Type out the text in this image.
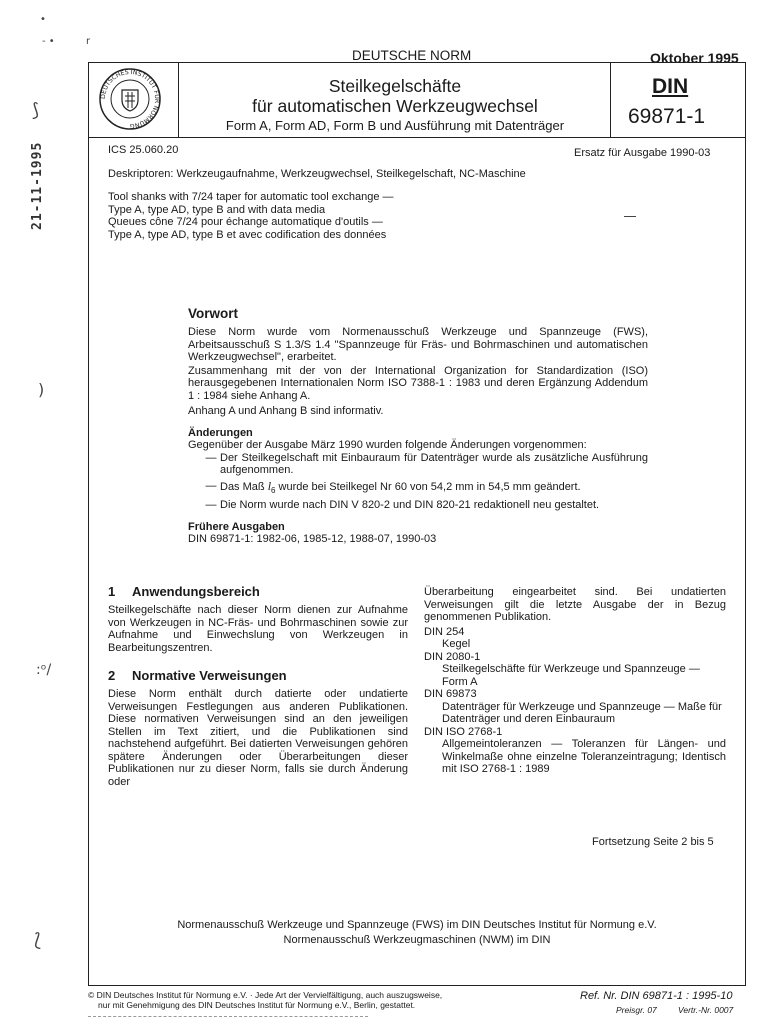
•
- •	r
⟆
21-11-1995
)
:ᵒ/
⟅
DEUTSCHE NORM	Oktober 1995
DEUTSCHES INSTITUT FÜR NORMUNG
Steilkegelschäfte
für automatischen Werkzeugwechsel
Form A, Form AD, Form B und Ausführung mit Datenträger
DIN
69871-1
ICS 25.060.20	Ersatz für Ausgabe 1990-03
Deskriptoren: Werkzeugaufnahme, Werkzeugwechsel, Steilkegelschaft, NC-Maschine
Tool shanks with 7/24 taper for automatic tool exchange —
Type A, type AD, type B and with data media
Queues cône 7/24 pour échange automatique d'outils —
Type A, type AD, type B et avec codification des données
Vorwort

Diese Norm wurde vom Normenausschuß Werkzeuge und Spannzeuge (FWS), Arbeitsausschuß S 1.3/S 1.4 "Spannzeuge für Fräs- und Bohrmaschinen und automatischen Werkzeugwechsel", erarbeitet.

Zusammenhang mit der von der International Organization for Standardization (ISO) herausgegebenen Internationalen Norm ISO 7388-1 : 1983 und deren Ergänzung Addendum 1 : 1984 siehe Anhang A.

Anhang A und Anhang B sind informativ.

Änderungen

Gegenüber der Ausgabe März 1990 wurden folgende Änderungen vorgenommen:

— Der Steilkegelschaft mit Einbauraum für Datenträger wurde als zusätzliche Ausführung aufgenommen.
— Das Maß $l_6$ wurde bei Steilkegel Nr 60 von 54,2 mm in 54,5 mm geändert.
— Die Norm wurde nach DIN V 820-2 und DIN 820-21 redaktionell neu gestaltet.
Frühere Ausgaben

DIN 69871-1: 1982-06, 1985-12, 1988-07, 1990-03

1 Anwendungsbereich

Steilkegelschäfte nach dieser Norm dienen zur Aufnahme von Werkzeugen in NC-Fräs- und Bohrmaschinen sowie zur Aufnahme und Einwechslung von Werkzeugen in Bearbeitungszentren.

2 Normative Verweisungen

Diese Norm enthält durch datierte oder undatierte Verweisungen Festlegungen aus anderen Publikationen. Diese normativen Verweisungen sind an den jeweiligen Stellen im Text zitiert, und die Publikationen sind nachstehend aufgeführt. Bei datierten Verweisungen gehören spätere Änderungen oder Überarbeitungen dieser Publikationen nur zu dieser Norm, falls sie durch Änderung oder

Überarbeitung eingearbeitet sind. Bei undatierten Verweisungen gilt die letzte Ausgabe der in Bezug genommenen Publikation.

DIN 254
Kegel
DIN 2080-1
Steilkegelschäfte für Werkzeuge und Spannzeuge — Form A
DIN 69873
Datenträger für Werkzeuge und Spannzeuge — Maße für Datenträger und deren Einbauraum
DIN ISO 2768-1
Allgemeintoleranzen — Toleranzen für Längen- und Winkelmaße ohne einzelne Toleranzeintragung; Identisch mit ISO 2768-1 : 1989
Fortsetzung Seite 2 bis 5
Normenausschuß Werkzeuge und Spannzeuge (FWS) im DIN Deutsches Institut für Normung e.V.
Normenausschuß Werkzeugmaschinen (NWM) im DIN
© DIN Deutsches Institut für Normung e.V. · Jede Art der Vervielfältigung, auch auszugsweise,
nur mit Genehmigung des DIN Deutsches Institut für Normung e.V., Berlin, gestattet.
Ref. Nr. DIN 69871-1 : 1995-10
Preisgr. 07 Vertr.-Nr. 0007
